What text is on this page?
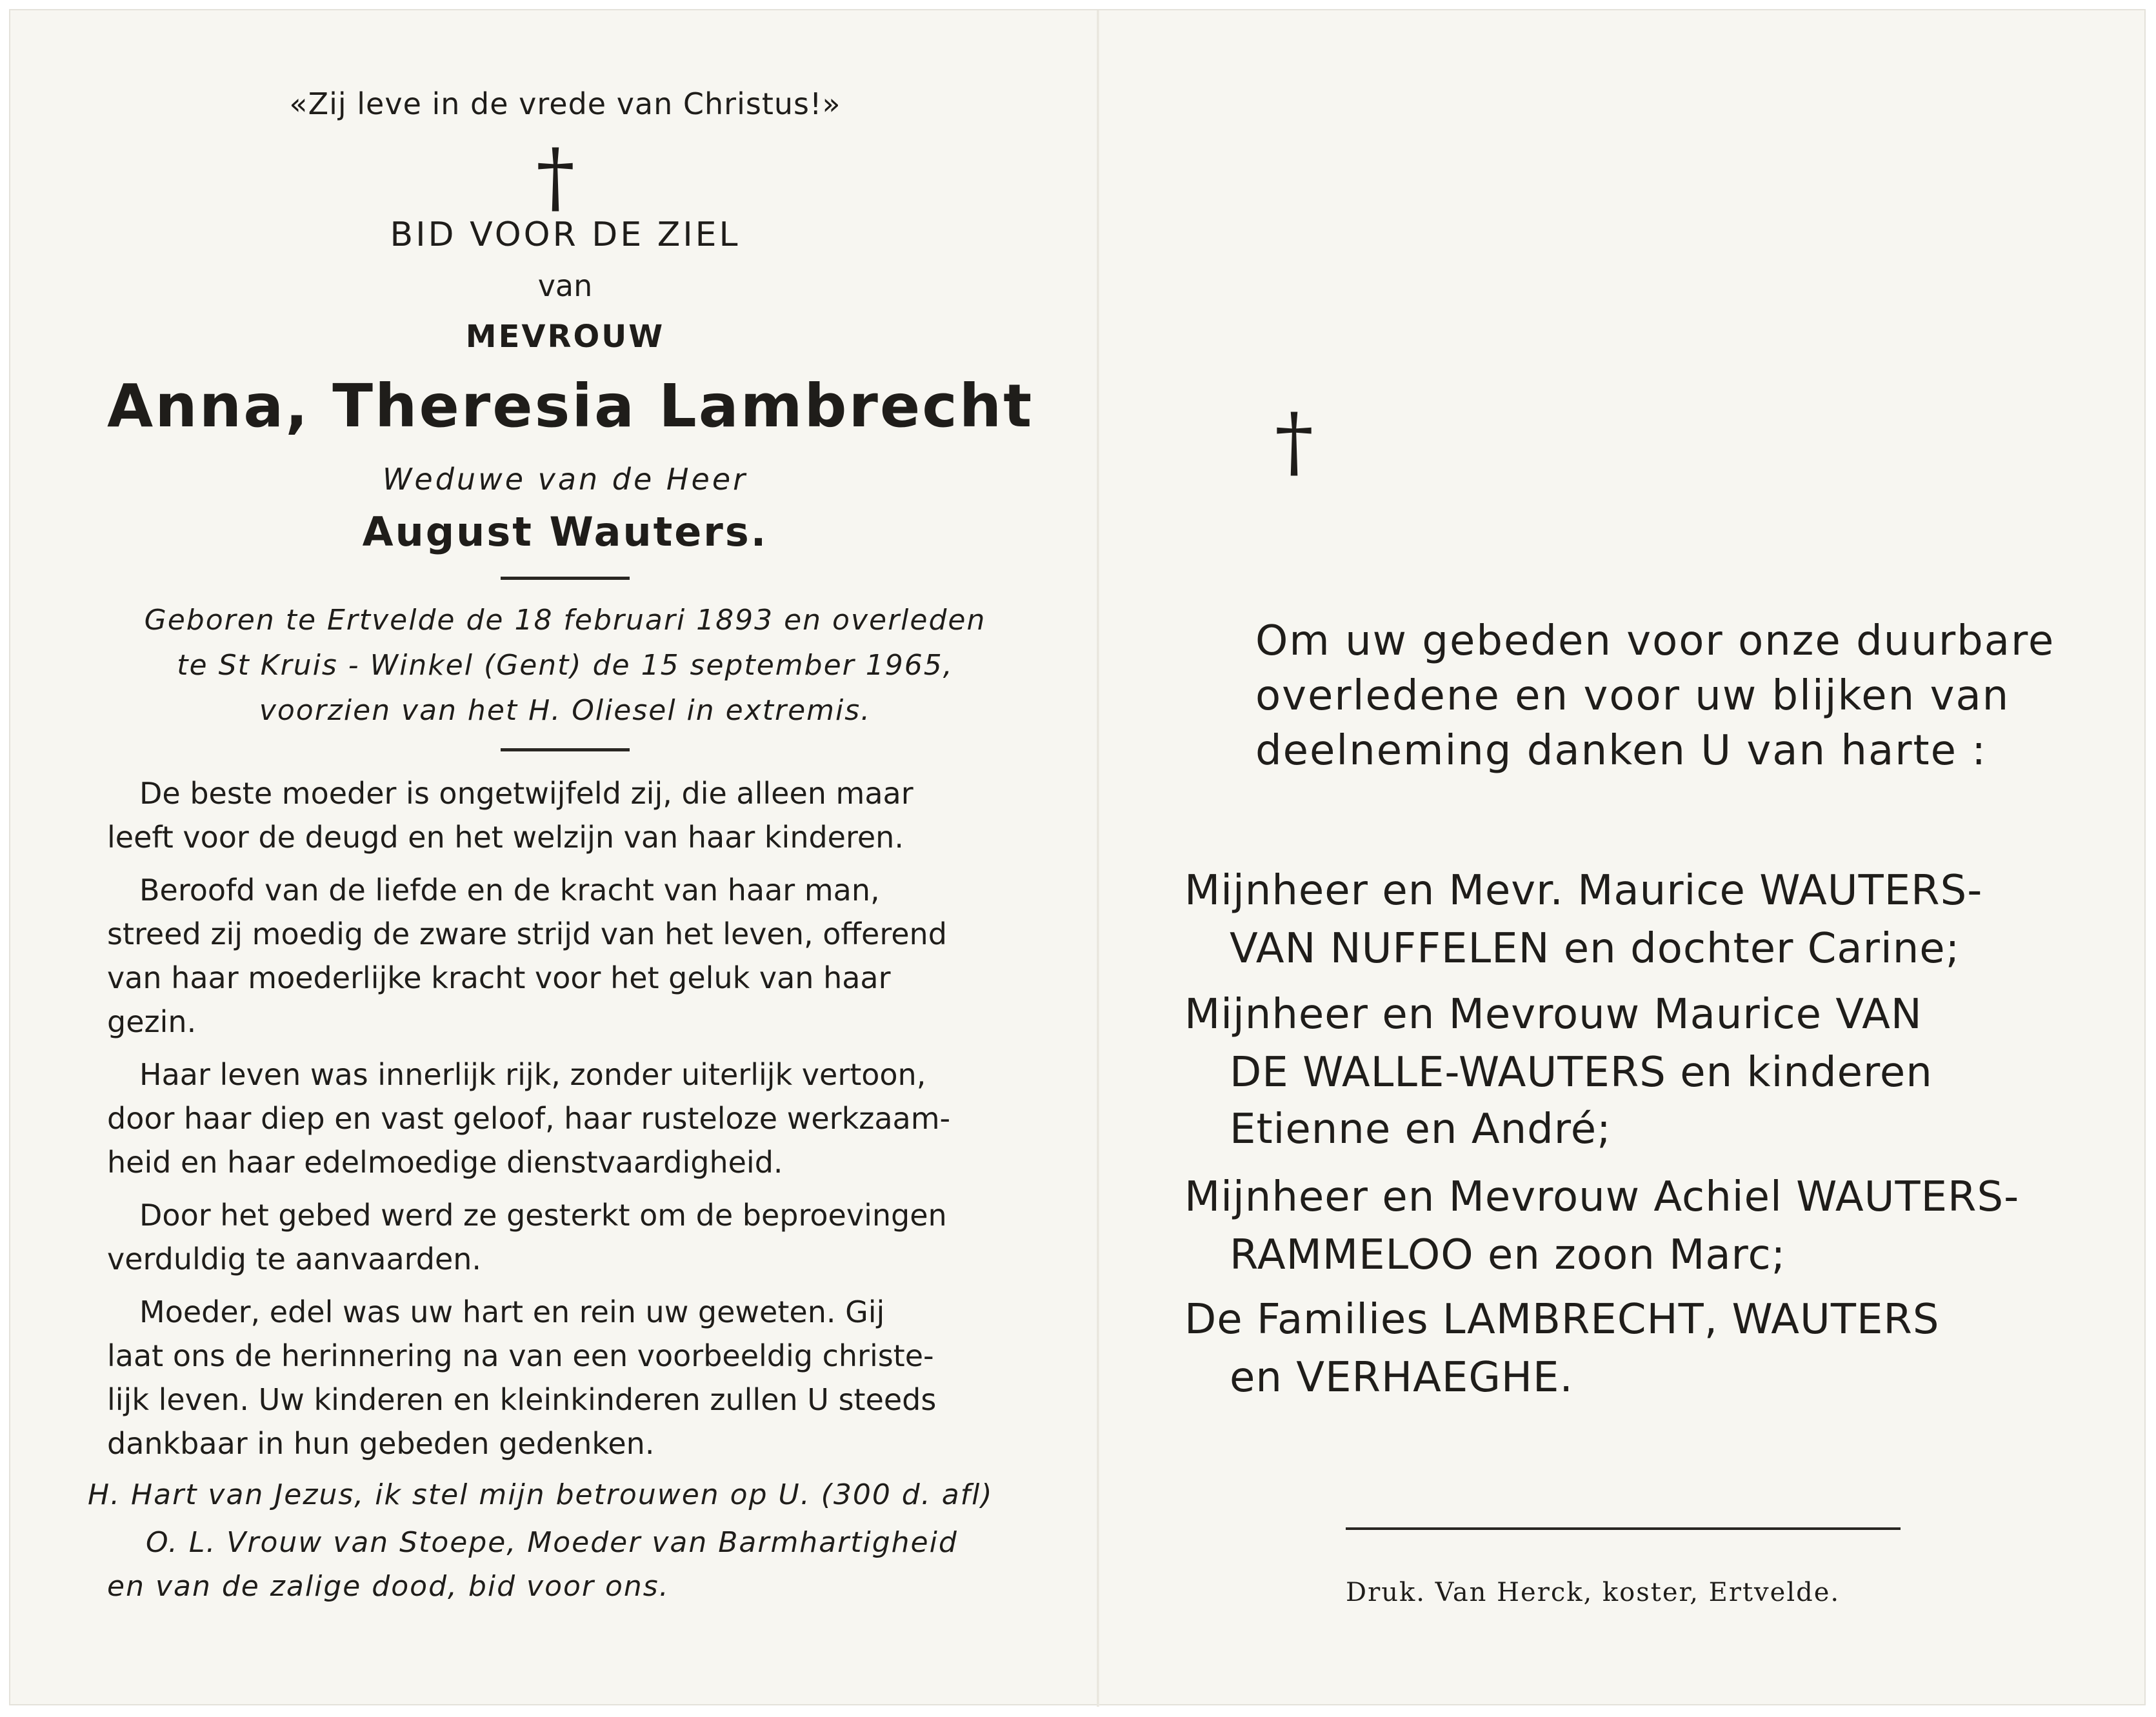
«Zij leve in de vrede van Christus!»
†
BID VOOR DE ZIEL
van
MEVROUW
Anna, Theresia Lambrecht
Weduwe van de Heer
August Wauters.
Geboren te Ertvelde de 18 februari 1893 en overleden
te St Kruis - Winkel (Gent) de 15 september 1965,
voorzien van het H. Oliesel in extremis.

De beste moeder is ongetwijfeld zij, die alleen maar

leeft voor de deugd en het welzijn van haar kinderen.

Beroofd van de liefde en de kracht van haar man,

streed zij moedig de zware strijd van het leven, offerend

van haar moederlijke kracht voor het geluk van haar

gezin.

Haar leven was innerlijk rijk, zonder uiterlijk vertoon,

door haar diep en vast geloof, haar rusteloze werkzaam-

heid en haar edelmoedige dienstvaardigheid.

Door het gebed werd ze gesterkt om de beproevingen

verduldig te aanvaarden.

Moeder, edel was uw hart en rein uw geweten. Gij

laat ons de herinnering na van een voorbeeldig christe-

lijk leven. Uw kinderen en kleinkinderen zullen U steeds

dankbaar in hun gebeden gedenken.

H. Hart van Jezus, ik stel mijn betrouwen op U. (300 d. afl)
O. L. Vrouw van Stoepe, Moeder van Barmhartigheid
en van de zalige dood, bid voor ons.
†
Om uw gebeden voor onze duurbare
overledene en voor uw blijken van
deelneming danken U van harte :
Mijnheer en Mevr. Maurice WAUTERS-
VAN NUFFELEN en dochter Carine;
Mijnheer en Mevrouw Maurice VAN
DE WALLE-WAUTERS en kinderen
Etienne en André;
Mijnheer en Mevrouw Achiel WAUTERS-
RAMMELOO en zoon Marc;
De Families LAMBRECHT, WAUTERS
en VERHAEGHE.
Druk. Van Herck, koster, Ertvelde.
